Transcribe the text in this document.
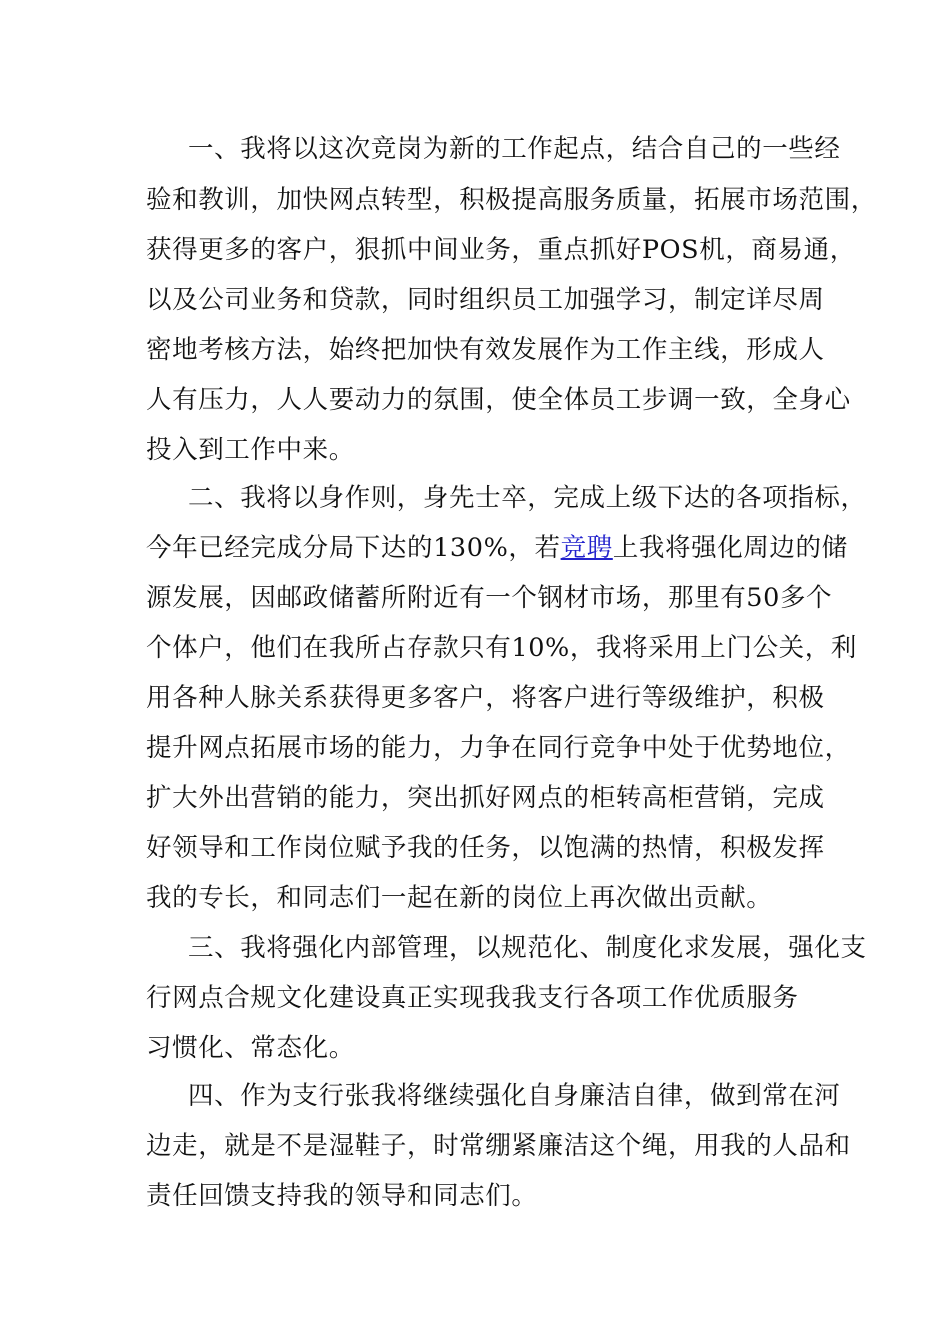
一、我将以这次竞岗为新的工作起点，结合自己的一些经
验和教训，加快网点转型，积极提高服务质量，拓展市场范围，
获得更多的客户，狠抓中间业务，重点抓好POS机，商易通，
以及公司业务和贷款，同时组织员工加强学习，制定详尽周
密地考核方法，始终把加快有效发展作为工作主线，形成人
人有压力，人人要动力的氛围，使全体员工步调一致，全身心
投入到工作中来。
二、我将以身作则，身先士卒，完成上级下达的各项指标，
今年已经完成分局下达的130%，若竞聘上我将强化周边的储
源发展，因邮政储蓄所附近有一个钢材市场，那里有50多个
个体户，他们在我所占存款只有10%，我将采用上门公关，利
用各种人脉关系获得更多客户，将客户进行等级维护，积极
提升网点拓展市场的能力，力争在同行竞争中处于优势地位，
扩大外出营销的能力，突出抓好网点的柜转高柜营销，完成
好领导和工作岗位赋予我的任务，以饱满的热情，积极发挥
我的专长，和同志们一起在新的岗位上再次做出贡献。
三、我将强化内部管理，以规范化、制度化求发展，强化支
行网点合规文化建设真正实现我我支行各项工作优质服务
习惯化、常态化。
四、作为支行张我将继续强化自身廉洁自律，做到常在河
边走，就是不是湿鞋子，时常绷紧廉洁这个绳，用我的人品和
责任回馈支持我的领导和同志们。
